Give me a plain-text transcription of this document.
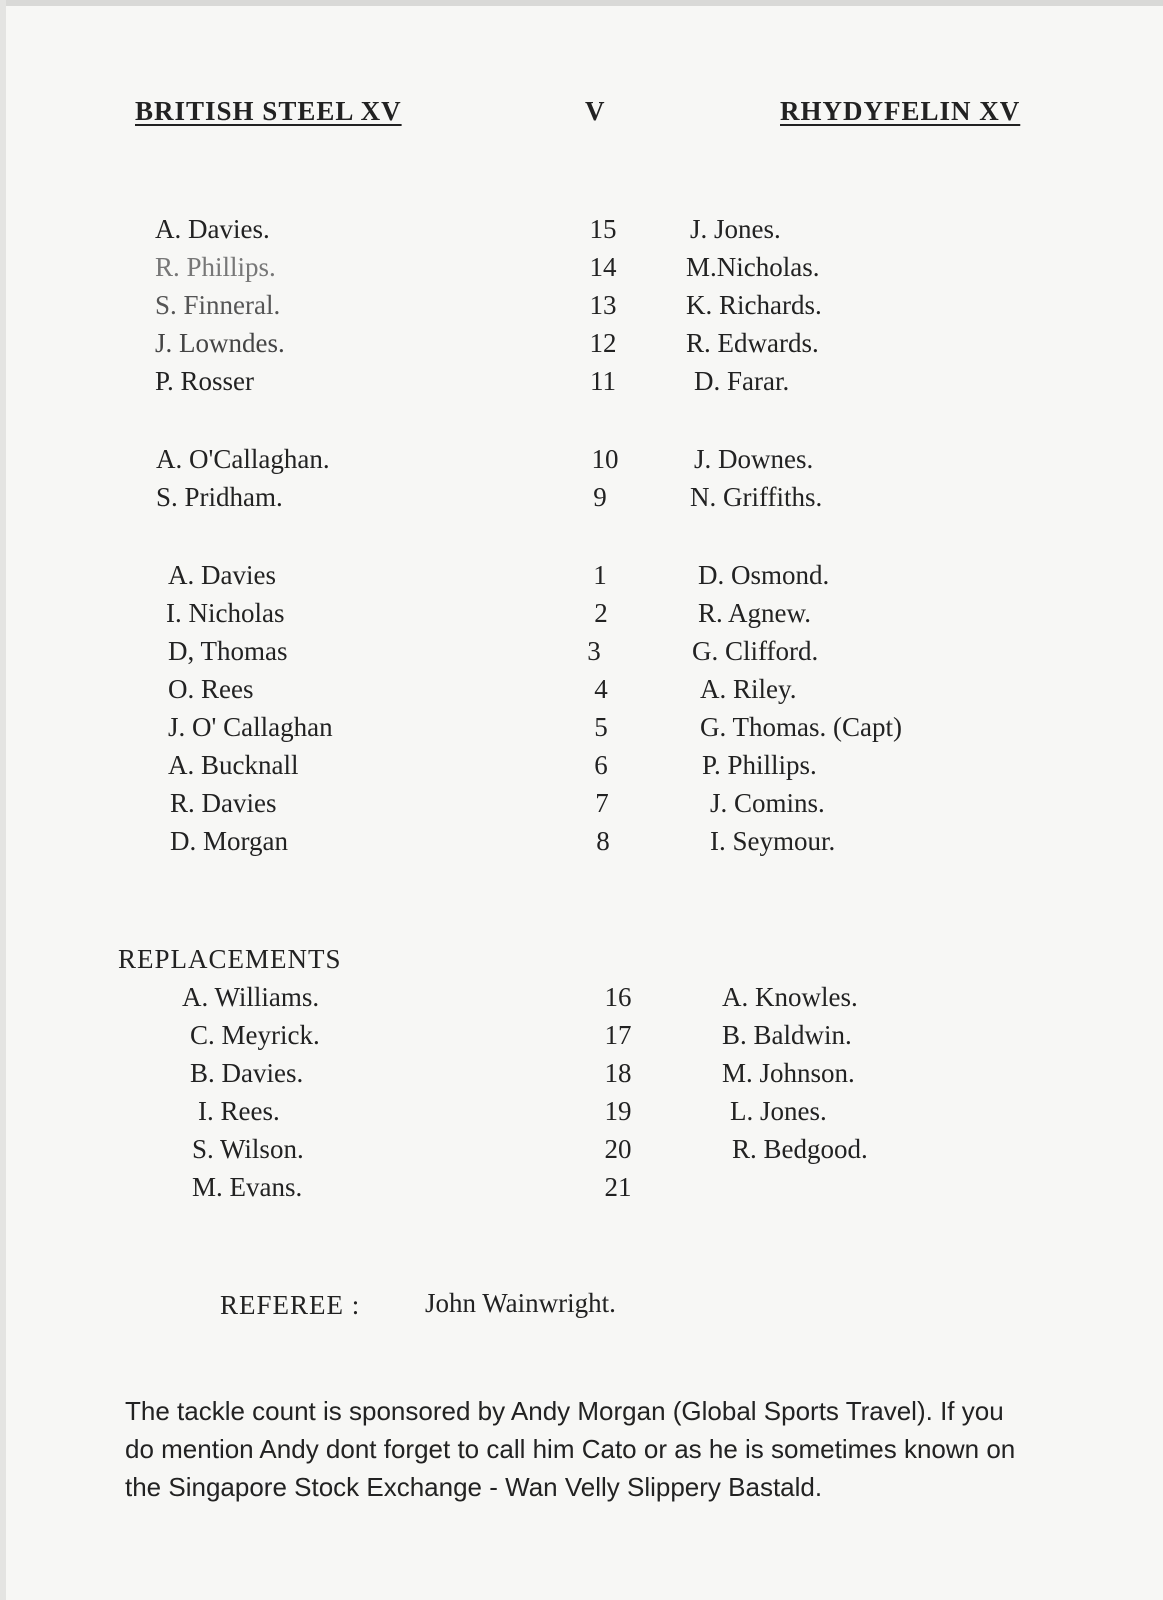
BRITISH STEEL XV	V	RHYDYFELIN XV
A. Davies.	15	J. Jones.
R. Phillips.	14	M.Nicholas.
S. Finneral.	13	K. Richards.
J. Lowndes.	12	R. Edwards.
P. Rosser	11	D. Farar.
A. O'Callaghan.	10	J. Downes.
S. Pridham.	9	N. Griffiths.
A. Davies	1	D. Osmond.
I. Nicholas	2	R. Agnew.
D, Thomas	3	G. Clifford.
O. Rees	4	A. Riley.
J. O' Callaghan	5	G. Thomas. (Capt)
A. Bucknall	6	P. Phillips.
R. Davies	7	J. Comins.
D. Morgan	8	I. Seymour.
REPLACEMENTS
A. Williams.	16	A. Knowles.
C. Meyrick.	17	B. Baldwin.
B. Davies.	18	M. Johnson.
I. Rees.	19	L. Jones.
S. Wilson.	20	R. Bedgood.
M. Evans.	21
REFEREE : John Wainwright.

The tackle count is sponsored by Andy Morgan (Global Sports Travel). If you

do mention Andy dont forget to call him Cato or as he is sometimes known on

the Singapore Stock Exchange - Wan Velly Slippery Bastald.
